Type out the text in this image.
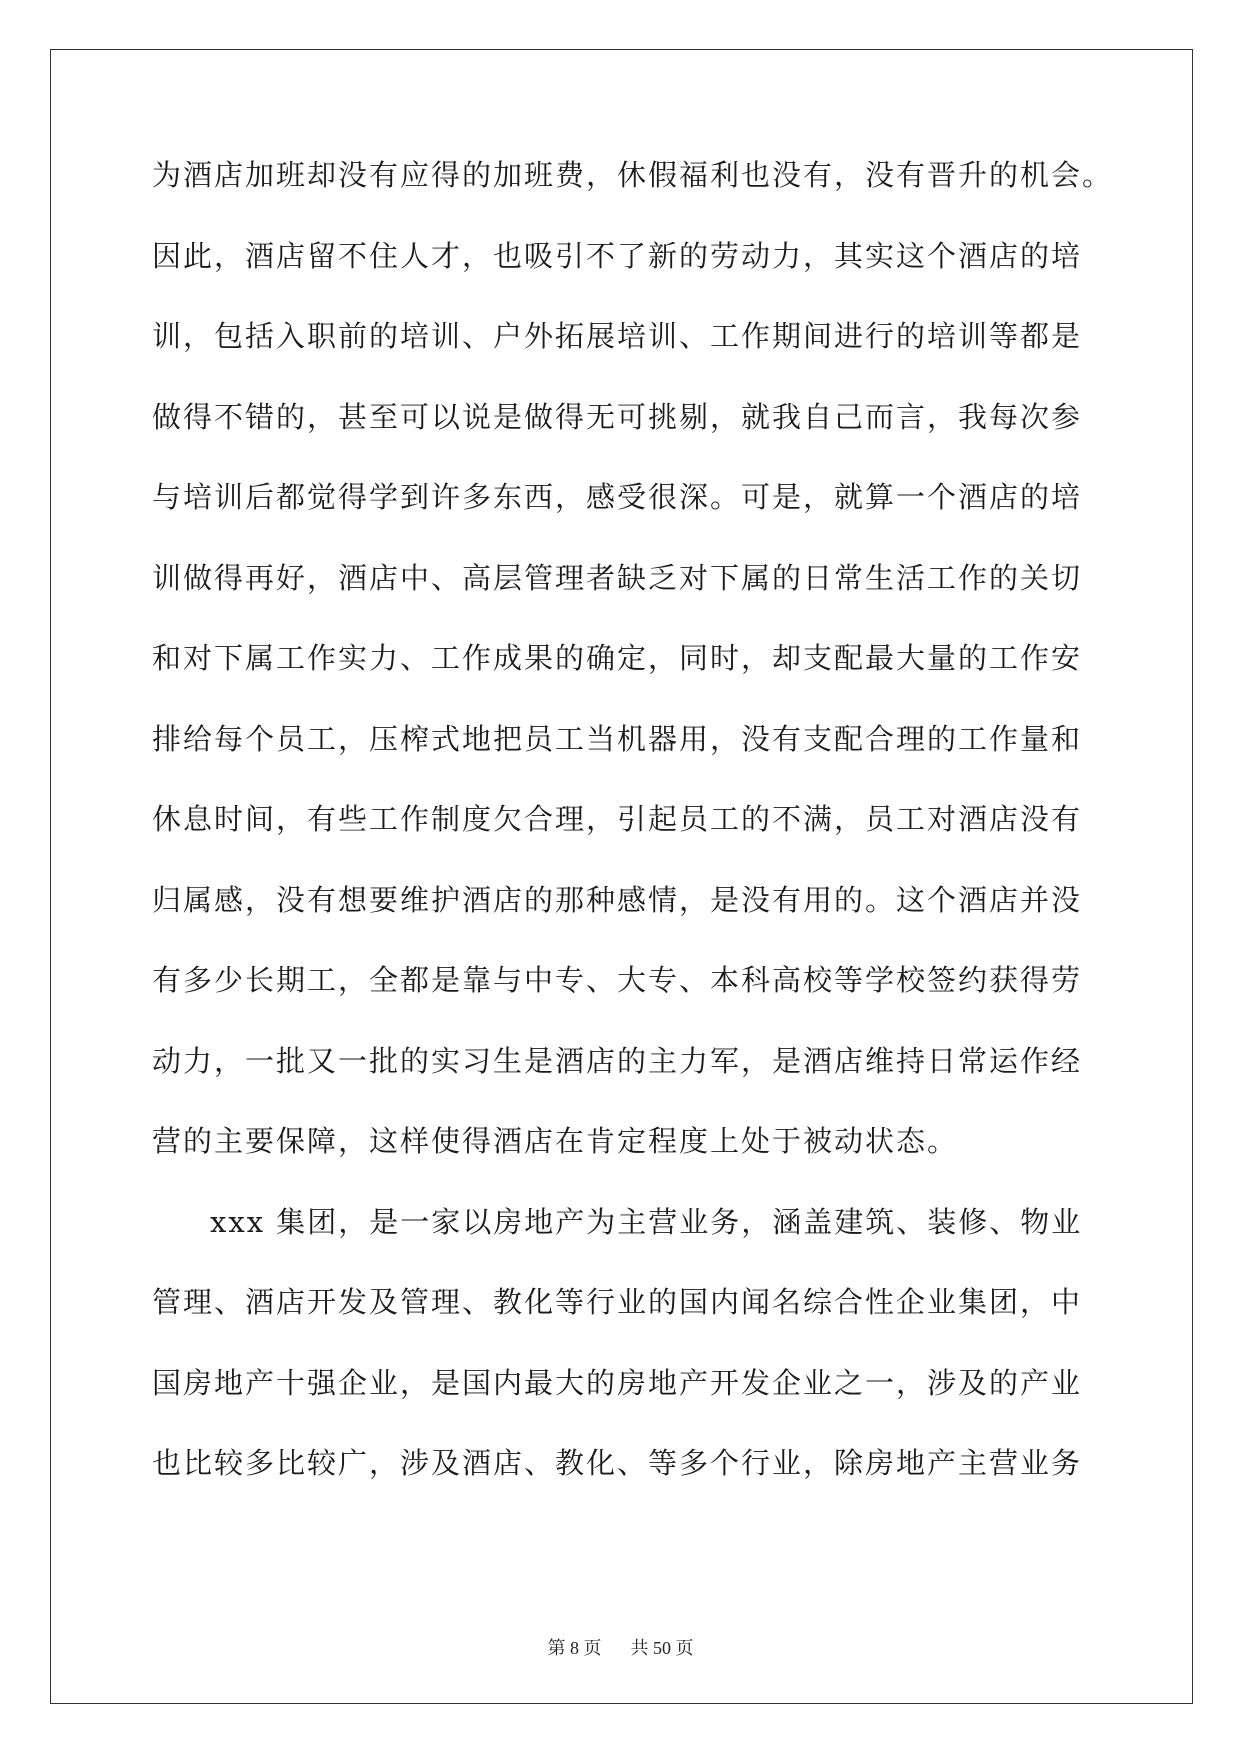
为酒店加班却没有应得的加班费，休假福利也没有，没有晋升的机会。
因此，酒店留不住人才，也吸引不了新的劳动力，其实这个酒店的培
训，包括入职前的培训、户外拓展培训、工作期间进行的培训等都是
做得不错的，甚至可以说是做得无可挑剔，就我自己而言，我每次参
与培训后都觉得学到许多东西，感受很深。可是，就算一个酒店的培
训做得再好，酒店中、高层管理者缺乏对下属的日常生活工作的关切
和对下属工作实力、工作成果的确定，同时，却支配最大量的工作安
排给每个员工，压榨式地把员工当机器用，没有支配合理的工作量和
休息时间，有些工作制度欠合理，引起员工的不满，员工对酒店没有
归属感，没有想要维护酒店的那种感情，是没有用的。这个酒店并没
有多少长期工，全都是靠与中专、大专、本科高校等学校签约获得劳
动力，一批又一批的实习生是酒店的主力军，是酒店维持日常运作经
营的主要保障，这样使得酒店在肯定程度上处于被动状态。
xxx 集团，是一家以房地产为主营业务，涵盖建筑、装修、物业
管理、酒店开发及管理、教化等行业的国内闻名综合性企业集团，中
国房地产十强企业，是国内最大的房地产开发企业之一，涉及的产业
也比较多比较广，涉及酒店、教化、等多个行业，除房地产主营业务
第 8 页 共 50 页
